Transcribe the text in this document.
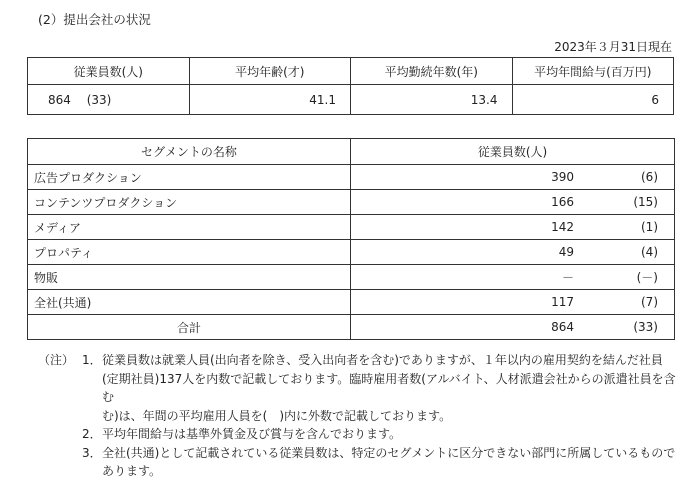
(2）提出会社の状況
2023年３月31日現在
従業員数(人)	平均年齢(才)	平均勤続年数(年)	平均年間給与(百万円)
864　 (33)	41.1	13.4	6
セグメントの名称	従業員数(人)
広告プロダクション	390 (6)

コンテンツプロダクション	166 (15)

メディア	142 (1)

プロパティ	49 (4)

物販	－ (－)

全社(共通)	117 (7)

合計	864 (33)
（注） 1． 従業員数は就業人員(出向者を除き、受入出向者を含む)でありますが、１年以内の雇用契約を結んだ社員
(定期社員)137人を内数で記載しております。臨時雇用者数(アルバイト、人材派遣会社からの派遣社員を含む
む)は、年間の平均雇用人員を(　)内に外数で記載しております。
2． 平均年間給与は基準外賃金及び賞与を含んでおります。
3． 全社(共通)として記載されている従業員数は、特定のセグメントに区分できない部門に所属しているもので
あります。
